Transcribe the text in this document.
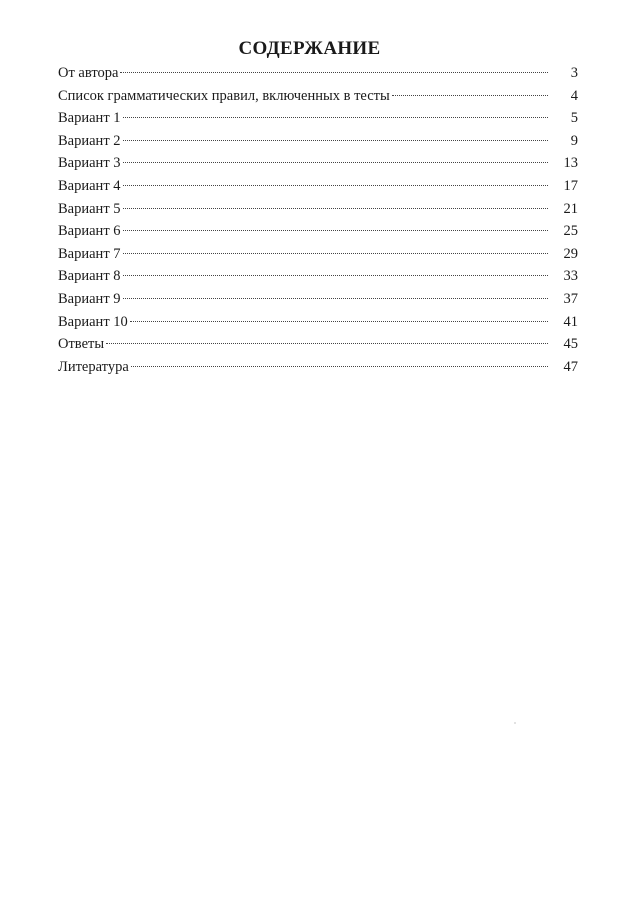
СОДЕРЖАНИЕ
От автора	3
Список грамматических правил, включенных в тесты	4
Вариант 1	5
Вариант 2	9
Вариант 3	13
Вариант 4	17
Вариант 5	21
Вариант 6	25
Вариант 7	29
Вариант 8	33
Вариант 9	37
Вариант 10	41
Ответы	45
Литература	47
